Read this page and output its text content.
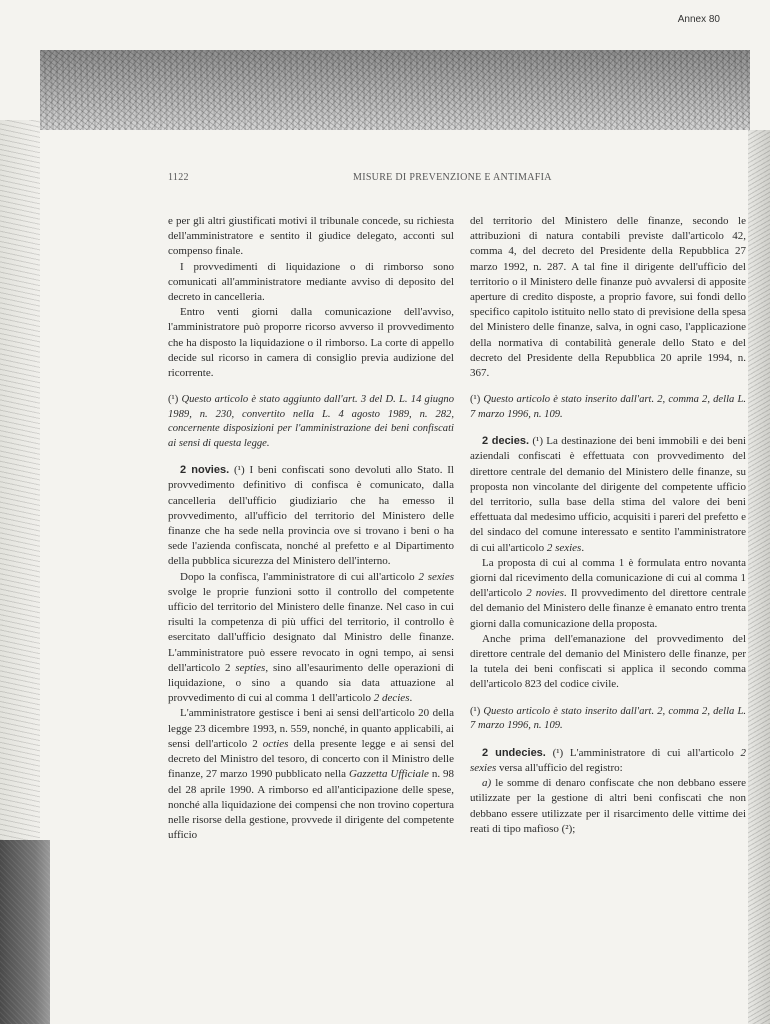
Annex 80
1122	MISURE DI PREVENZIONE E ANTIMAFIA

e per gli altri giustificati motivi il tribunale concede, su richiesta dell'amministratore e sentito il giudice delegato, acconti sul compenso finale.

I provvedimenti di liquidazione o di rimborso sono comunicati all'amministratore mediante avviso di deposito del decreto in cancelleria.

Entro venti giorni dalla comunicazione dell'avviso, l'amministratore può proporre ricorso avverso il provvedimento che ha disposto la liquidazione o il rimborso. La corte di appello decide sul ricorso in camera di consiglio previa audizione del ricorrente.

(¹) Questo articolo è stato aggiunto dall'art. 3 del D. L. 14 giugno 1989, n. 230, convertito nella L. 4 agosto 1989, n. 282, concernente disposizioni per l'amministrazione dei beni confiscati ai sensi di questa legge.

2 novies. (¹) I beni confiscati sono devoluti allo Stato. Il provvedimento definitivo di confisca è comunicato, dalla cancelleria dell'ufficio giudiziario che ha emesso il provvedimento, all'ufficio del territorio del Ministero delle finanze che ha sede nella provincia ove si trovano i beni o ha sede l'azienda confiscata, nonché al prefetto e al Dipartimento della pubblica sicurezza del Ministero dell'interno.

Dopo la confisca, l'amministratore di cui all'articolo 2 sexies svolge le proprie funzioni sotto il controllo del competente ufficio del territorio del Ministero delle finanze. Nel caso in cui risulti la competenza di più uffici del territorio, il controllo è esercitato dall'ufficio designato dal Ministro delle finanze. L'amministratore può essere revocato in ogni tempo, ai sensi dell'articolo 2 septies, sino all'esaurimento delle operazioni di liquidazione, o sino a quando sia data attuazione al provvedimento di cui al comma 1 dell'articolo 2 decies.

L'amministratore gestisce i beni ai sensi dell'articolo 20 della legge 23 dicembre 1993, n. 559, nonché, in quanto applicabili, ai sensi dell'articolo 2 octies della presente legge e ai sensi del decreto del Ministro del tesoro, di concerto con il Ministro delle finanze, 27 marzo 1990 pubblicato nella Gazzetta Ufficiale n. 98 del 28 aprile 1990. A rimborso ed all'anticipazione delle spese, nonché alla liquidazione dei compensi che non trovino copertura nelle risorse della gestione, provvede il dirigente del competente ufficio

del territorio del Ministero delle finanze, secondo le attribuzioni di natura contabili previste dall'articolo 42, comma 4, del decreto del Presidente della Repubblica 27 marzo 1992, n. 287. A tal fine il dirigente dell'ufficio del territorio o il Ministero delle finanze può avvalersi di apposite aperture di credito disposte, a proprio favore, sui fondi dello specifico capitolo istituito nello stato di previsione della spesa del Ministero delle finanze, salva, in ogni caso, l'applicazione della normativa di contabilità generale dello Stato e del decreto del Presidente della Repubblica 20 aprile 1994, n. 367.

(¹) Questo articolo è stato inserito dall'art. 2, comma 2, della L. 7 marzo 1996, n. 109.

2 decies. (¹) La destinazione dei beni immobili e dei beni aziendali confiscati è effettuata con provvedimento del direttore centrale del demanio del Ministero delle finanze, su proposta non vincolante del dirigente del competente ufficio del territorio, sulla base della stima del valore dei beni effettuata dal medesimo ufficio, acquisiti i pareri del prefetto e del sindaco del comune interessato e sentito l'amministratore di cui all'articolo 2 sexies.

La proposta di cui al comma 1 è formulata entro novanta giorni dal ricevimento della comunicazione di cui al comma 1 dell'articolo 2 novies. Il provvedimento del direttore centrale del demanio del Ministero delle finanze è emanato entro trenta giorni dalla comunicazione della proposta.

Anche prima dell'emanazione del provvedimento del direttore centrale del demanio del Ministero delle finanze, per la tutela dei beni confiscati si applica il secondo comma dell'articolo 823 del codice civile.

(¹) Questo articolo è stato inserito dall'art. 2, comma 2, della L. 7 marzo 1996, n. 109.

2 undecies. (¹) L'amministratore di cui all'articolo 2 sexies versa all'ufficio del registro:

a) le somme di denaro confiscate che non debbano essere utilizzate per la gestione di altri beni confiscati che non debbano essere utilizzate per il risarcimento delle vittime dei reati di tipo mafioso (²);
